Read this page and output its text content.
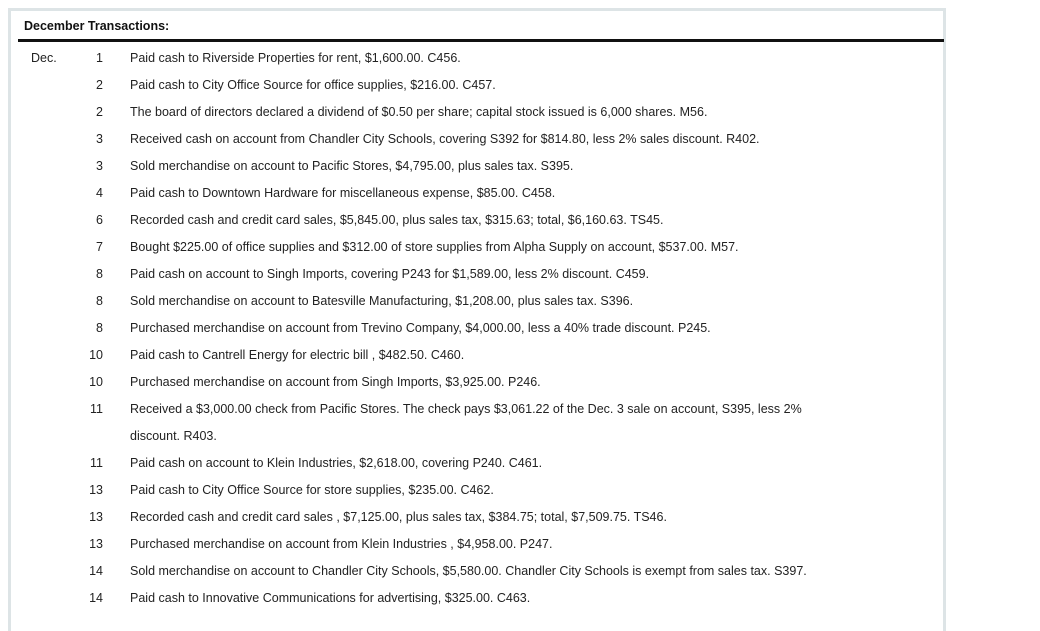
December Transactions:
Dec.	1 Paid cash to Riverside Properties for rent, $1,600.00. C456.
2 Paid cash to City Office Source for office supplies, $216.00. C457.
2 The board of directors declared a dividend of $0.50 per share; capital stock issued is 6,000 shares. M56.
3 Received cash on account from Chandler City Schools, covering S392 for $814.80, less 2% sales discount. R402.
3 Sold merchandise on account to Pacific Stores, $4,795.00, plus sales tax. S395.
4 Paid cash to Downtown Hardware for miscellaneous expense, $85.00. C458.
6 Recorded cash and credit card sales, $5,845.00, plus sales tax, $315.63; total, $6,160.63. TS45.
7 Bought $225.00 of office supplies and $312.00 of store supplies from Alpha Supply on account, $537.00. M57.
8 Paid cash on account to Singh Imports, covering P243 for $1,589.00, less 2% discount. C459.
8 Sold merchandise on account to Batesville Manufacturing, $1,208.00, plus sales tax. S396.
8 Purchased merchandise on account from Trevino Company, $4,000.00, less a 40% trade discount. P245.
10 Paid cash to Cantrell Energy for electric bill , $482.50. C460.
10 Purchased merchandise on account from Singh Imports, $3,925.00. P246.
11 Received a $3,000.00 check from Pacific Stores. The check pays $3,061.22 of the Dec. 3 sale on account, S395, less 2%
discount. R403.
11 Paid cash on account to Klein Industries, $2,618.00, covering P240. C461.
13 Paid cash to City Office Source for store supplies, $235.00. C462.
13 Recorded cash and credit card sales , $7,125.00, plus sales tax, $384.75; total, $7,509.75. TS46.
13 Purchased merchandise on account from Klein Industries , $4,958.00. P247.
14 Sold merchandise on account to Chandler City Schools, $5,580.00. Chandler City Schools is exempt from sales tax. S397.
14 Paid cash to Innovative Communications for advertising, $325.00. C463.
